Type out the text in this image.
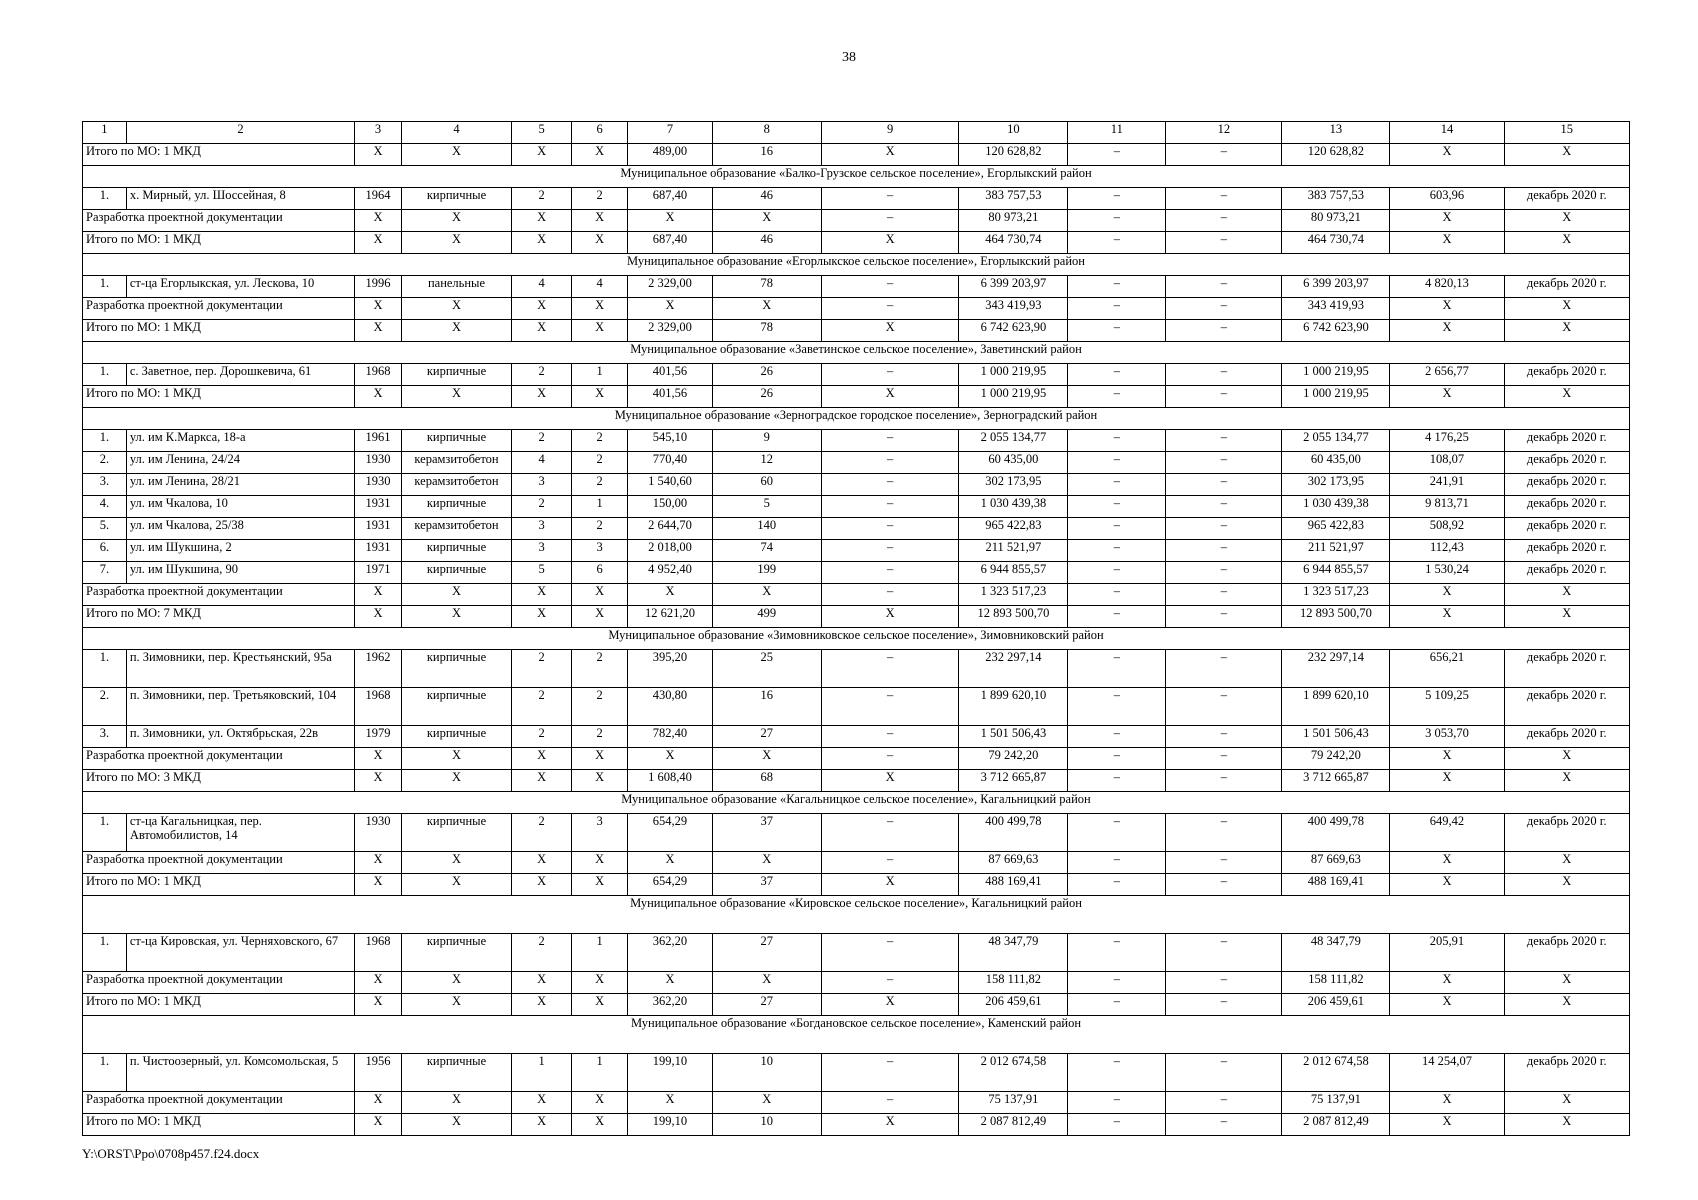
38
1	2	3	4	5	6	7	8	9	10	11	12	13	14	15
Итого по МО: 1 МКД		X	X	X	X	489,00	16	X	120 628,82	–	–	120 628,82	X	X
Муниципальное образование «Балко-Грузское сельское поселение», Егорлыкский район														
1.	х. Мирный, ул. Шоссейная, 8	1964	кирпичные	2	2	687,40	46	–	383 757,53	–	–	383 757,53	603,96	декабрь 2020 г.
Разработка проектной документации		X	X	X	X	X	X	–	80 973,21	–	–	80 973,21	X	X
Итого по МО: 1 МКД		X	X	X	X	687,40	46	X	464 730,74	–	–	464 730,74	X	X
Муниципальное образование «Егорлыкское сельское поселение», Егорлыкский район														
1.	ст-ца Егорлыкская, ул. Лескова, 10	1996	панельные	4	4	2 329,00	78	–	6 399 203,97	–	–	6 399 203,97	4 820,13	декабрь 2020 г.
Разработка проектной документации		X	X	X	X	X	X	–	343 419,93	–	–	343 419,93	X	X
Итого по МО: 1 МКД		X	X	X	X	2 329,00	78	X	6 742 623,90	–	–	6 742 623,90	X	X
Муниципальное образование «Заветинское сельское поселение», Заветинский район														
1.	с. Заветное, пер. Дорошкевича, 61	1968	кирпичные	2	1	401,56	26	–	1 000 219,95	–	–	1 000 219,95	2 656,77	декабрь 2020 г.
Итого по МО: 1 МКД		X	X	X	X	401,56	26	X	1 000 219,95	–	–	1 000 219,95	X	X
Муниципальное образование «Зерноградское городское поселение», Зерноградский район														
1.	ул. им К.Маркса, 18-а	1961	кирпичные	2	2	545,10	9	–	2 055 134,77	–	–	2 055 134,77	4 176,25	декабрь 2020 г.
2.	ул. им Ленина, 24/24	1930	керамзитобетон	4	2	770,40	12	–	60 435,00	–	–	60 435,00	108,07	декабрь 2020 г.
3.	ул. им Ленина, 28/21	1930	керамзитобетон	3	2	1 540,60	60	–	302 173,95	–	–	302 173,95	241,91	декабрь 2020 г.
4.	ул. им Чкалова, 10	1931	кирпичные	2	1	150,00	5	–	1 030 439,38	–	–	1 030 439,38	9 813,71	декабрь 2020 г.
5.	ул. им Чкалова, 25/38	1931	керамзитобетон	3	2	2 644,70	140	–	965 422,83	–	–	965 422,83	508,92	декабрь 2020 г.
6.	ул. им Шукшина, 2	1931	кирпичные	3	3	2 018,00	74	–	211 521,97	–	–	211 521,97	112,43	декабрь 2020 г.
7.	ул. им Шукшина, 90	1971	кирпичные	5	6	4 952,40	199	–	6 944 855,57	–	–	6 944 855,57	1 530,24	декабрь 2020 г.
Разработка проектной документации		X	X	X	X	X	X	–	1 323 517,23	–	–	1 323 517,23	X	X
Итого по МО: 7 МКД		X	X	X	X	12 621,20	499	X	12 893 500,70	–	–	12 893 500,70	X	X
Муниципальное образование «Зимовниковское сельское поселение», Зимовниковский район														
1.	п. Зимовники, пер. Крестьянский, 95а	1962	кирпичные	2	2	395,20	25	–	232 297,14	–	–	232 297,14	656,21	декабрь 2020 г.
2.	п. Зимовники, пер. Третьяковский, 104	1968	кирпичные	2	2	430,80	16	–	1 899 620,10	–	–	1 899 620,10	5 109,25	декабрь 2020 г.
3.	п. Зимовники, ул. Октябрьская, 22в	1979	кирпичные	2	2	782,40	27	–	1 501 506,43	–	–	1 501 506,43	3 053,70	декабрь 2020 г.
Разработка проектной документации		X	X	X	X	X	X	–	79 242,20	–	–	79 242,20	X	X
Итого по МО: 3 МКД		X	X	X	X	1 608,40	68	X	3 712 665,87	–	–	3 712 665,87	X	X
Муниципальное образование «Кагальницкое сельское поселение», Кагальницкий район														
1.	ст-ца Кагальницкая, пер. Автомобилистов, 14	1930	кирпичные	2	3	654,29	37	–	400 499,78	–	–	400 499,78	649,42	декабрь 2020 г.
Разработка проектной документации		X	X	X	X	X	X	–	87 669,63	–	–	87 669,63	X	X
Итого по МО: 1 МКД		X	X	X	X	654,29	37	X	488 169,41	–	–	488 169,41	X	X
Муниципальное образование «Кировское сельское поселение», Кагальницкий район														
1.	ст-ца Кировская, ул. Черняховского, 67	1968	кирпичные	2	1	362,20	27	–	48 347,79	–	–	48 347,79	205,91	декабрь 2020 г.
Разработка проектной документации		X	X	X	X	X	X	–	158 111,82	–	–	158 111,82	X	X
Итого по МО: 1 МКД		X	X	X	X	362,20	27	X	206 459,61	–	–	206 459,61	X	X
Муниципальное образование «Богдановское сельское поселение», Каменский район														
1.	п. Чистоозерный, ул. Комсомольская, 5	1956	кирпичные	1	1	199,10	10	–	2 012 674,58	–	–	2 012 674,58	14 254,07	декабрь 2020 г.
Разработка проектной документации		X	X	X	X	X	X	–	75 137,91	–	–	75 137,91	X	X
Итого по МО: 1 МКД		X	X	X	X	199,10	10	X	2 087 812,49	–	–	2 087 812,49	X	X
Y:\ORST\Ppo\0708p457.f24.docx
